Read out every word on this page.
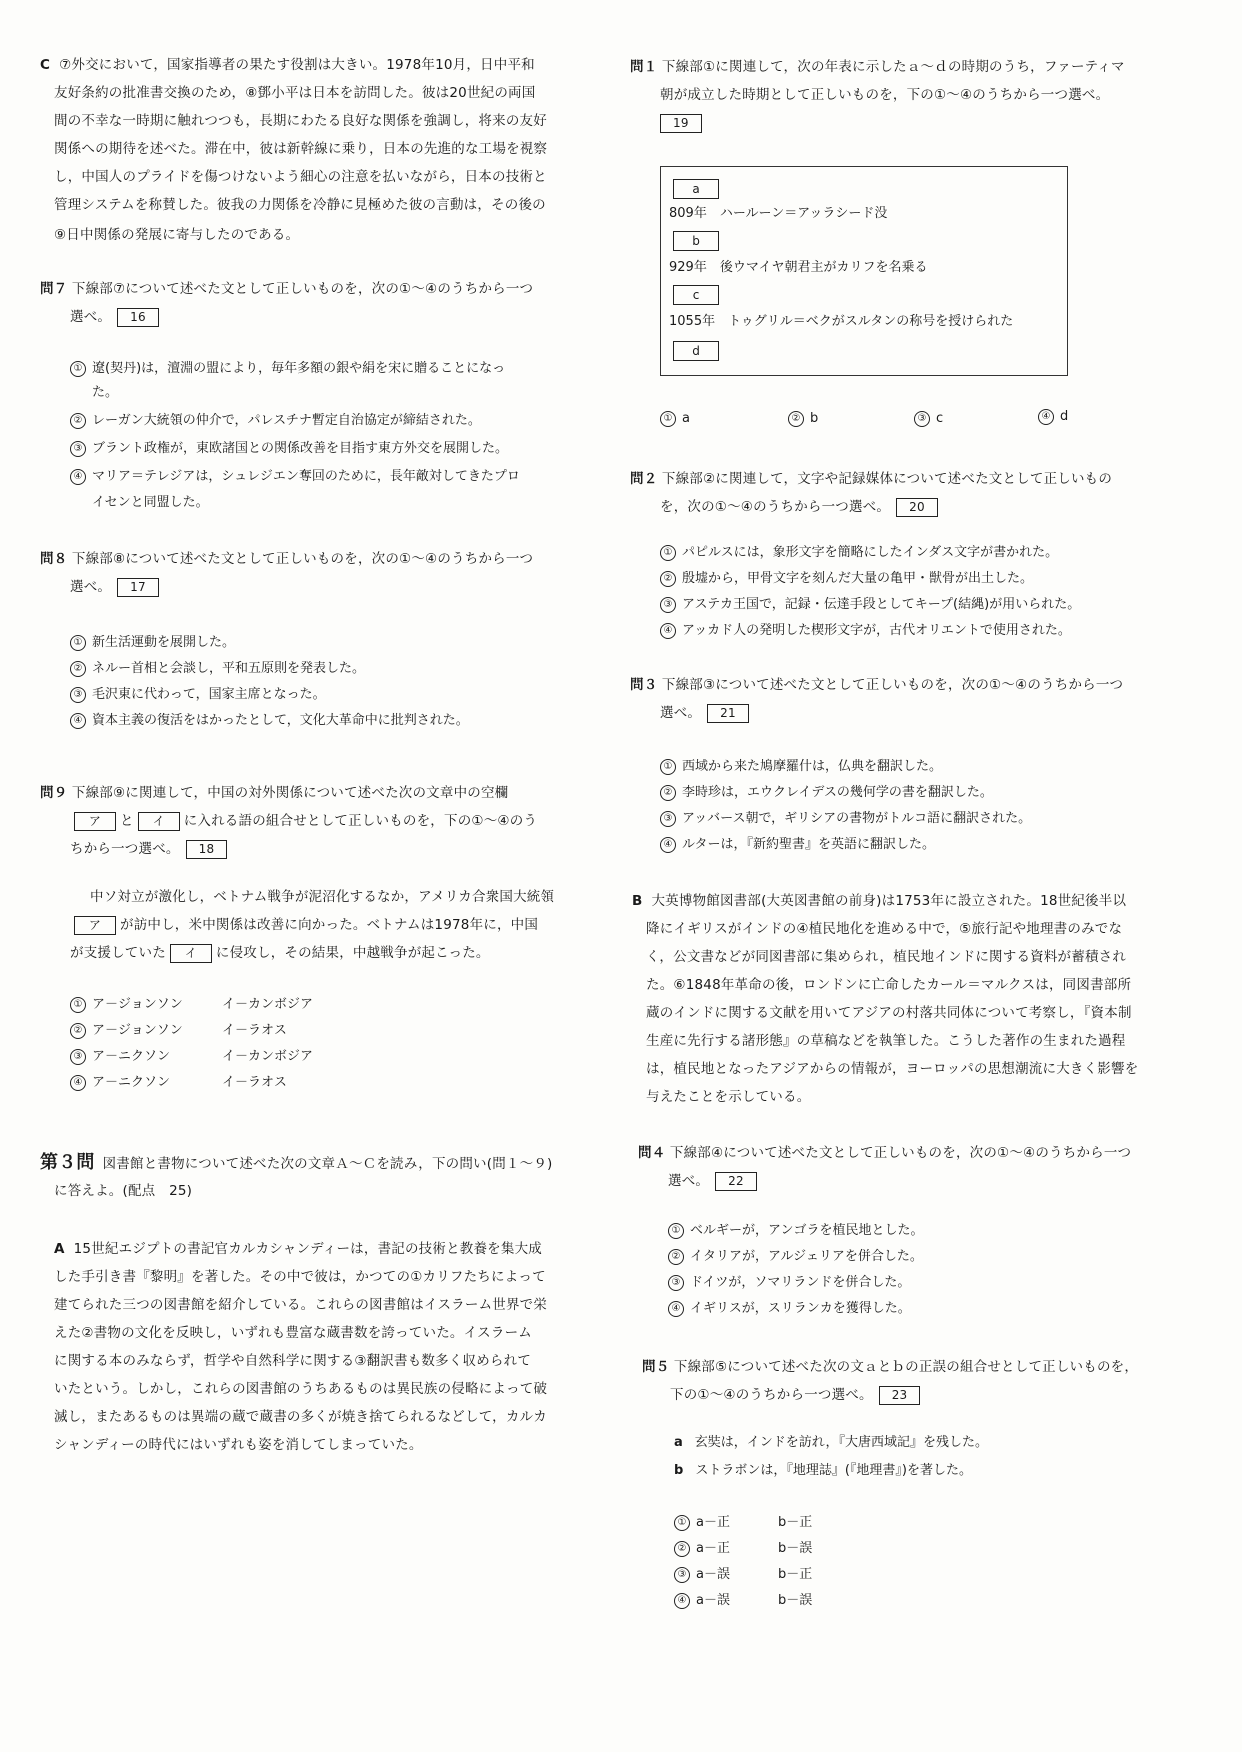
C ⑦外交において，国家指導者の果たす役割は大きい。1978年10月，日中平和
友好条約の批准書交換のため，⑧鄧小平は日本を訪問した。彼は20世紀の両国
間の不幸な一時期に触れつつも，長期にわたる良好な関係を強調し，将来の友好
関係への期待を述べた。滞在中，彼は新幹線に乗り，日本の先進的な工場を視察
し，中国人のプライドを傷つけないよう細心の注意を払いながら，日本の技術と
管理システムを称賛した。彼我の力関係を冷静に見極めた彼の言動は，その後の
⑨日中関係の発展に寄与したのである。
問７ 下線部⑦について述べた文として正しいものを，次の①～④のうちから一つ
選べ。 16
① 遼(契丹)は，澶淵の盟により，毎年多額の銀や絹を宋に贈ることになっ
た。
② レーガン大統領の仲介で，パレスチナ暫定自治協定が締結された。
③ ブラント政権が，東欧諸国との関係改善を目指す東方外交を展開した。
④ マリア＝テレジアは，シュレジエン奪回のために，長年敵対してきたプロ
イセンと同盟した。
問８ 下線部⑧について述べた文として正しいものを，次の①～④のうちから一つ
選べ。 17
① 新生活運動を展開した。
② ネルー首相と会談し，平和五原則を発表した。
③ 毛沢東に代わって，国家主席となった。
④ 資本主義の復活をはかったとして，文化大革命中に批判された。
問９ 下線部⑨に関連して，中国の対外関係について述べた次の文章中の空欄
ア と イ に入れる語の組合せとして正しいものを，下の①～④のう
ちから一つ選べ。 18
中ソ対立が激化し，ベトナム戦争が泥沼化するなか，アメリカ合衆国大統領
ア が訪中し，米中関係は改善に向かった。ベトナムは1978年に，中国
が支援していた イ に侵攻し，その結果，中越戦争が起こった。
① ア－ジョンソン	イ－カンボジア
② ア－ジョンソン	イ－ラオス
③ ア－ニクソン	イ－カンボジア
④ ア－ニクソン	イ－ラオス
第３問 図書館と書物について述べた次の文章Ａ～Ｃを読み，下の問い(問１～９)
に答えよ。(配点　25)
A 15世紀エジプトの書記官カルカシャンディーは，書記の技術と教養を集大成
した手引き書『黎明』を著した。その中で彼は，かつての①カリフたちによって
建てられた三つの図書館を紹介している。これらの図書館はイスラーム世界で栄
えた②書物の文化を反映し，いずれも豊富な蔵書数を誇っていた。イスラーム
に関する本のみならず，哲学や自然科学に関する③翻訳書も数多く収められて
いたという。しかし，これらの図書館のうちあるものは異民族の侵略によって破
滅し，またあるものは異端の蔵で蔵書の多くが焼き捨てられるなどして，カルカ
シャンディーの時代にはいずれも姿を消してしまっていた。
問１ 下線部①に関連して，次の年表に示したａ～ｄの時期のうち，ファーティマ
朝が成立した時期として正しいものを，下の①～④のうちから一つ選べ。
19
a
809年　ハールーン＝アッラシード没
b
929年　後ウマイヤ朝君主がカリフを名乗る
c
1055年　トゥグリル＝ベクがスルタンの称号を授けられた
d
① a	② b	③ c	④ d
問２ 下線部②に関連して，文字や記録媒体について述べた文として正しいもの
を，次の①～④のうちから一つ選べ。 20
① パピルスには，象形文字を簡略にしたインダス文字が書かれた。
② 殷墟から，甲骨文字を刻んだ大量の亀甲・獣骨が出土した。
③ アステカ王国で，記録・伝達手段としてキープ(結縄)が用いられた。
④ アッカド人の発明した楔形文字が，古代オリエントで使用された。
問３ 下線部③について述べた文として正しいものを，次の①～④のうちから一つ
選べ。 21
① 西域から来た鳩摩羅什は，仏典を翻訳した。
② 李時珍は，エウクレイデスの幾何学の書を翻訳した。
③ アッバース朝で，ギリシアの書物がトルコ語に翻訳された。
④ ルターは，『新約聖書』を英語に翻訳した。
B 大英博物館図書部(大英図書館の前身)は1753年に設立された。18世紀後半以
降にイギリスがインドの④植民地化を進める中で，⑤旅行記や地理書のみでな
く，公文書などが同図書部に集められ，植民地インドに関する資料が蓄積され
た。⑥1848年革命の後，ロンドンに亡命したカール＝マルクスは，同図書部所
蔵のインドに関する文献を用いてアジアの村落共同体について考察し，『資本制
生産に先行する諸形態』の草稿などを執筆した。こうした著作の生まれた過程
は，植民地となったアジアからの情報が，ヨーロッパの思想潮流に大きく影響を
与えたことを示している。
問４ 下線部④について述べた文として正しいものを，次の①～④のうちから一つ
選べ。 22
① ベルギーが，アンゴラを植民地とした。
② イタリアが，アルジェリアを併合した。
③ ドイツが，ソマリランドを併合した。
④ イギリスが，スリランカを獲得した。
問５ 下線部⑤について述べた次の文ａとｂの正誤の組合せとして正しいものを，
下の①～④のうちから一つ選べ。 23
a 玄奘は，インドを訪れ，『大唐西域記』を残した。
b ストラボンは，『地理誌』(『地理書』)を著した。
① a－正	b－正
② a－正	b－誤
③ a－誤	b－正
④ a－誤	b－誤
